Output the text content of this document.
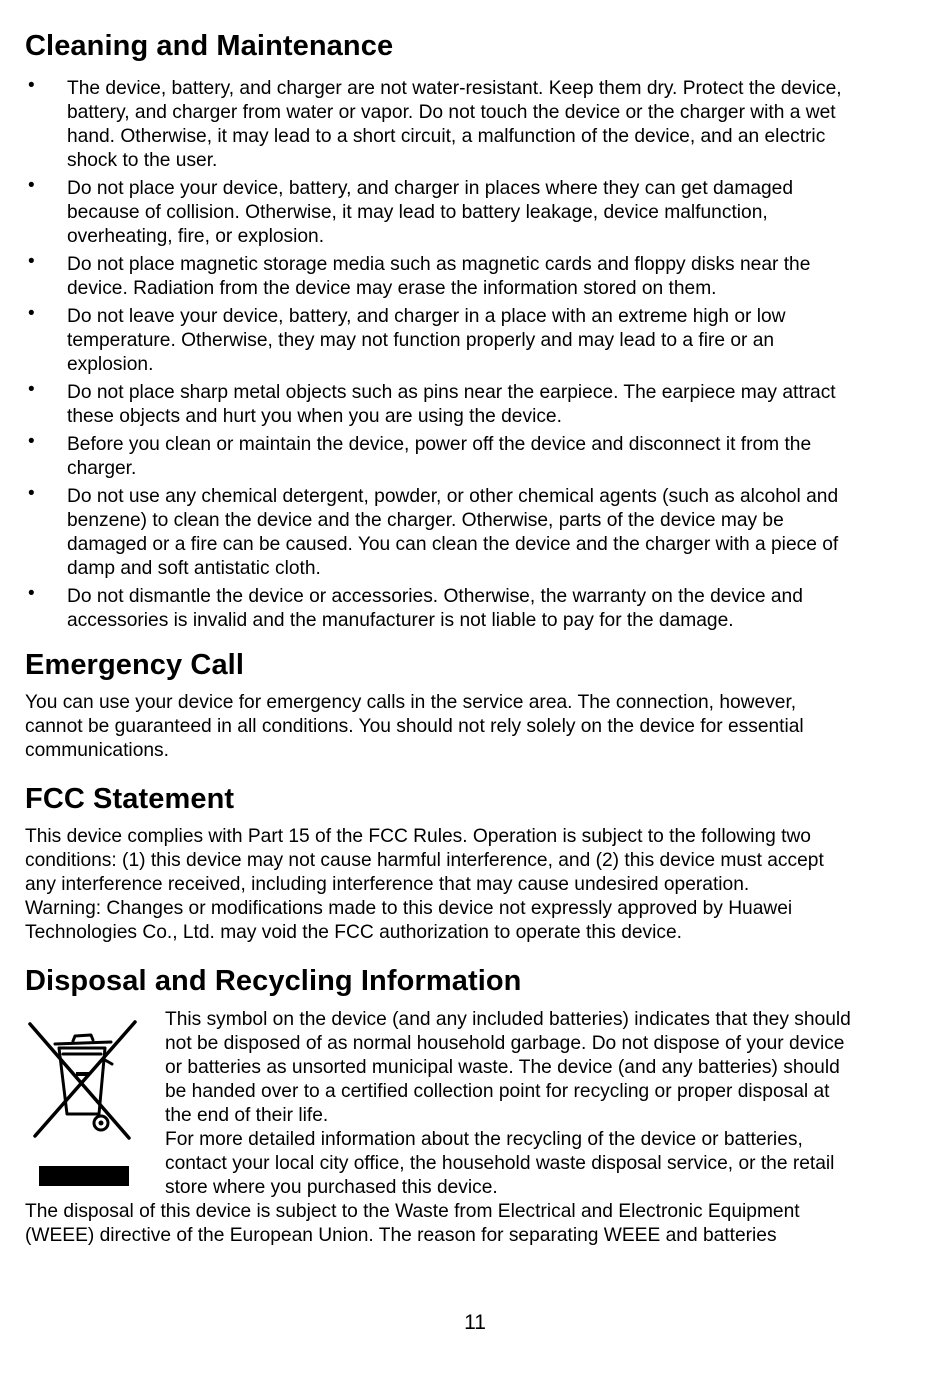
Cleaning and Maintenance
• The device, battery, and charger are not water-resistant. Keep them dry. Protect the device, battery, and charger from water or vapor. Do not touch the device or the charger with a wet hand. Otherwise, it may lead to a short circuit, a malfunction of the device, and an electric shock to the user.
• Do not place your device, battery, and charger in places where they can get damaged because of collision. Otherwise, it may lead to battery leakage, device malfunction, overheating, fire, or explosion.
• Do not place magnetic storage media such as magnetic cards and floppy disks near the device. Radiation from the device may erase the information stored on them.
• Do not leave your device, battery, and charger in a place with an extreme high or low temperature. Otherwise, they may not function properly and may lead to a fire or an explosion.
• Do not place sharp metal objects such as pins near the earpiece. The earpiece may attract these objects and hurt you when you are using the device.
• Before you clean or maintain the device, power off the device and disconnect it from the charger.
• Do not use any chemical detergent, powder, or other chemical agents (such as alcohol and benzene) to clean the device and the charger. Otherwise, parts of the device may be damaged or a fire can be caused. You can clean the device and the charger with a piece of damp and soft antistatic cloth.
• Do not dismantle the device or accessories. Otherwise, the warranty on the device and accessories is invalid and the manufacturer is not liable to pay for the damage.
Emergency Call

You can use your device for emergency calls in the service area. The connection, however, cannot be guaranteed in all conditions. You should not rely solely on the device for essential communications.

FCC Statement

This device complies with Part 15 of the FCC Rules. Operation is subject to the following two conditions: (1) this device may not cause harmful interference, and (2) this device must accept any interference received, including interference that may cause undesired operation.

Warning: Changes or modifications made to this device not expressly approved by Huawei Technologies Co., Ltd. may void the FCC authorization to operate this device.

Disposal and Recycling Information

This symbol on the device (and any included batteries) indicates that they should not be disposed of as normal household garbage. Do not dispose of your device or batteries as unsorted municipal waste. The device (and any batteries) should be handed over to a certified collection point for recycling or proper disposal at the end of their life.

For more detailed information about the recycling of the device or batteries, contact your local city office, the household waste disposal service, or the retail store where you purchased this device.

The disposal of this device is subject to the Waste from Electrical and Electronic Equipment (WEEE) directive of the European Union. The reason for separating WEEE and batteries

11
